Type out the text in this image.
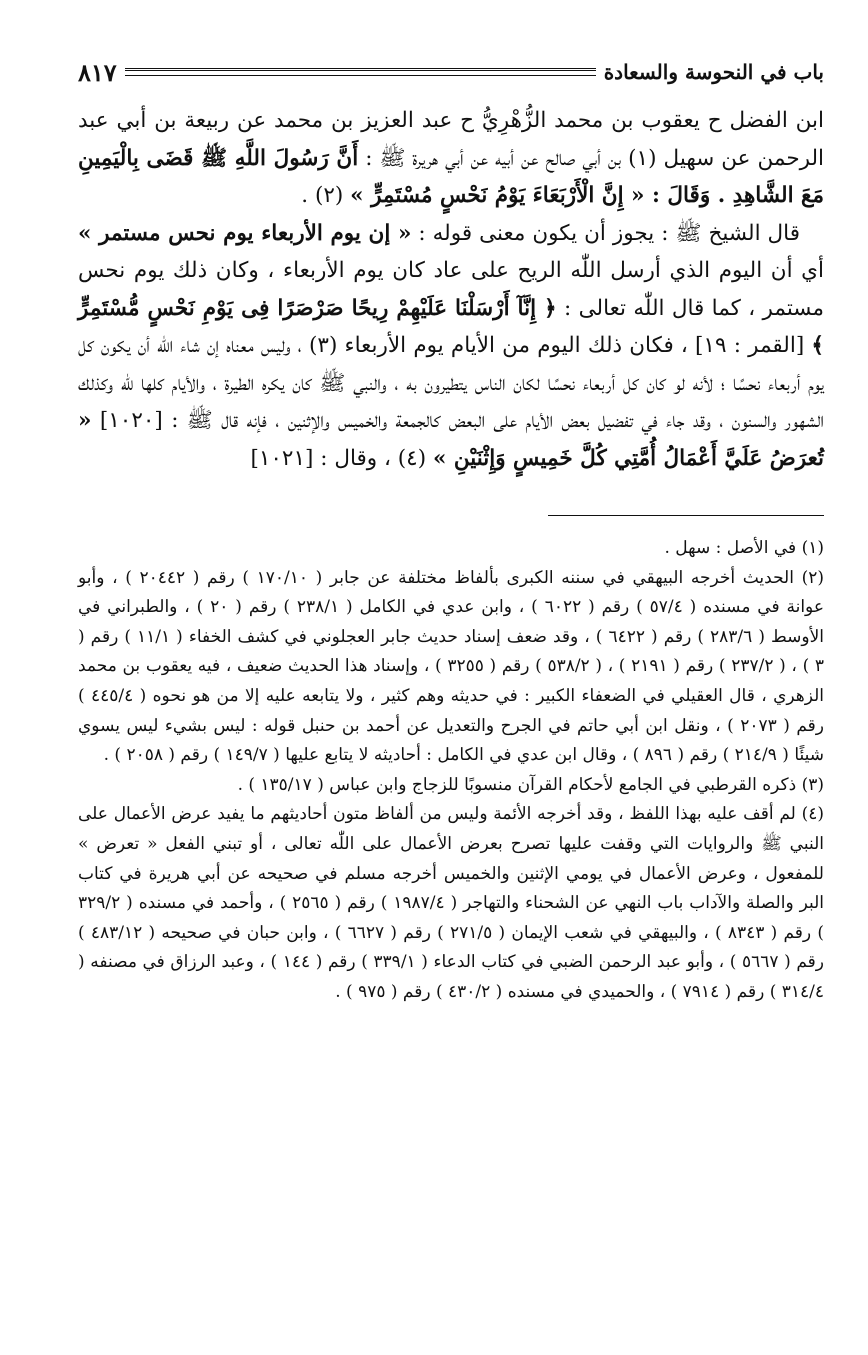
باب في النحوسة والسعادة
٨١٧

ابن الفضل ح يعقوب بن محمد الزُّهْرِيُّ ح عبد العزيز بن محمد عن ربيعة بن أبي عبد الرحمن عن سهيل (١) بن أبي صالح عن أبيه عن أبي هريرة ﷺ : أَنَّ رَسُولَ اللَّهِ ﷺ قَضَى بِالْيَمِينِ مَعَ الشَّاهِدِ . وَقَالَ : « إِنَّ الْأَرْبَعَاءَ يَوْمُ نَحْسٍ مُسْتَمِرٍّ » (٢) .

قال الشيخ ﷺ : يجوز أن يكون معنى قوله : « إن يوم الأربعاء يوم نحس مستمر » أي أن اليوم الذي أرسل اللّٰه الريح على عاد كان يوم الأربعاء ، وكان ذلك يوم نحس مستمر ، كما قال اللّٰه تعالى : ﴿ إِنَّآ أَرْسَلْنَا عَلَيْهِمْ رِيحًا صَرْصَرًا فِى يَوْمِ نَحْسٍ مُّسْتَمِرٍّ ﴾ [القمر : ١٩] ، فكان ذلك اليوم من الأيام يوم الأربعاء (٣) ، وليس معناه إن شاء اللّٰه أن يكون كل يوم أربعاء نحسًا ؛ لأنه لو كان كل أربعاء نحسًا لكان الناس يتطيرون به ، والنبي ﷺ كان يكره الطيرة ، والأيام كلها للّٰه وكذلك الشهور والسنون ، وقد جاء في تفضيل بعض الأيام على البعض كالجمعة والخميس والإثنين ، فإنه قال ﷺ : [١٠٢٠] « تُعرَضُ عَلَيَّ أَعْمَالُ أُمَّتِي كُلَّ خَمِيسٍ وَإِثْنَيْنِ » (٤) ، وقال : [١٠٢١]

(١) في الأصل : سهل .

(٢) الحديث أخرجه البيهقي في سننه الكبرى بألفاظ مختلفة عن جابر ( ١٧٠/١٠ ) رقم ( ٢٠٤٤٢ ) ، وأبو عوانة في مسنده ( ٥٧/٤ ) رقم ( ٦٠٢٢ ) ، وابن عدي في الكامل ( ٢٣٨/١ ) رقم ( ٢٠ ) ، والطبراني في الأوسط ( ٢٨٣/٦ ) رقم ( ٦٤٢٢ ) ، وقد ضعف إسناد حديث جابر العجلوني في كشف الخفاء ( ١١/١ ) رقم ( ٣ ) ، ( ٢٣٧/٢ ) رقم ( ٢١٩١ ) ، ( ٥٣٨/٢ ) رقم ( ٣٢٥٥ ) ، وإسناد هذا الحديث ضعيف ، فيه يعقوب بن محمد الزهري ، قال العقيلي في الضعفاء الكبير : في حديثه وهم كثير ، ولا يتابعه عليه إلا من هو نحوه ( ٤٤٥/٤ ) رقم ( ٢٠٧٣ ) ، ونقل ابن أبي حاتم في الجرح والتعديل عن أحمد بن حنبل قوله : ليس بشيء ليس يسوي شيئًا ( ٢١٤/٩ ) رقم ( ٨٩٦ ) ، وقال ابن عدي في الكامل : أحاديثه لا يتابع عليها ( ١٤٩/٧ ) رقم ( ٢٠٥٨ ) .

(٣) ذكره القرطبي في الجامع لأحكام القرآن منسوبًا للزجاج وابن عباس ( ١٣٥/١٧ ) .

(٤) لم أقف عليه بهذا اللفظ ، وقد أخرجه الأئمة وليس من ألفاظ متون أحاديثهم ما يفيد عرض الأعمال على النبي ﷺ والروايات التي وقفت عليها تصرح بعرض الأعمال على اللّٰه تعالى ، أو تبني الفعل « تعرض » للمفعول ، وعرض الأعمال في يومي الإثنين والخميس أخرجه مسلم في صحيحه عن أبي هريرة في كتاب البر والصلة والآداب باب النهي عن الشحناء والتهاجر ( ١٩٨٧/٤ ) رقم ( ٢٥٦٥ ) ، وأحمد في مسنده ( ٣٢٩/٢ ) رقم ( ٨٣٤٣ ) ، والبيهقي في شعب الإيمان ( ٢٧١/٥ ) رقم ( ٦٦٢٧ ) ، وابن حبان في صحيحه ( ٤٨٣/١٢ ) رقم ( ٥٦٦٧ ) ، وأبو عبد الرحمن الضبي في كتاب الدعاء ( ٣٣٩/١ ) رقم ( ١٤٤ ) ، وعبد الرزاق في مصنفه ( ٣١٤/٤ ) رقم ( ٧٩١٤ ) ، والحميدي في مسنده ( ٤٣٠/٢ ) رقم ( ٩٧٥ ) .
